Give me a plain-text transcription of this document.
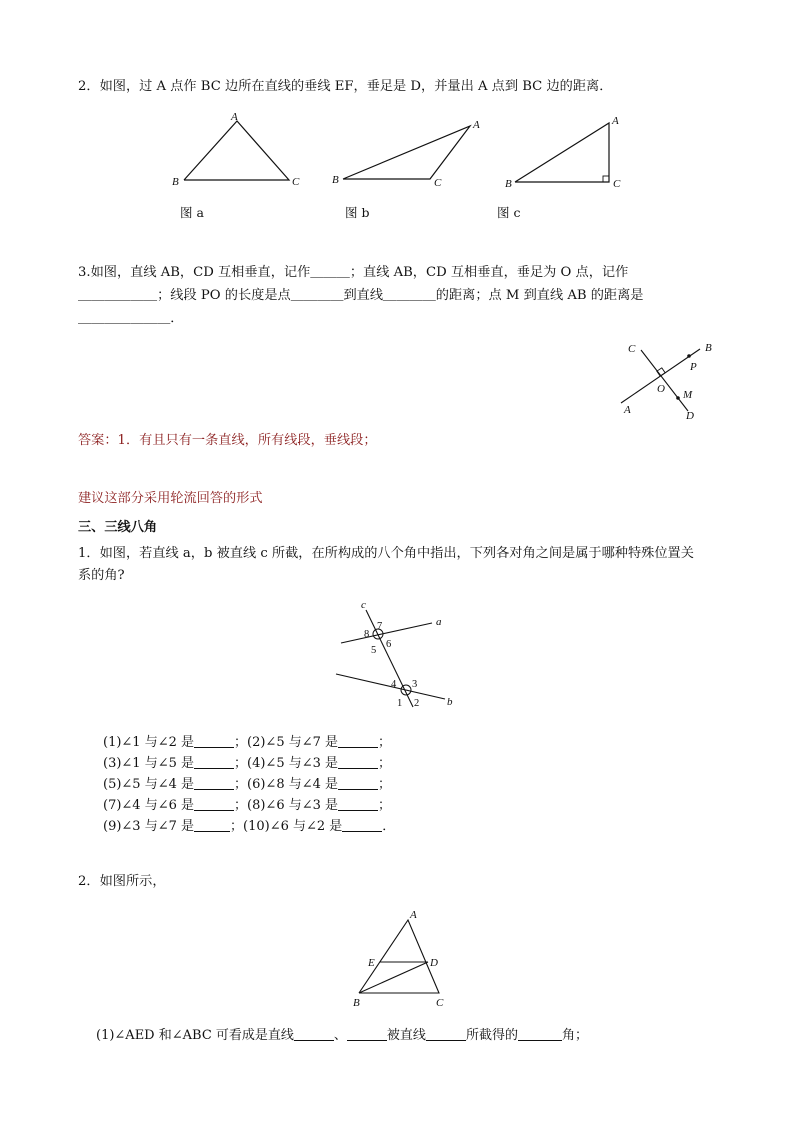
2．如图，过 A 点作 BC 边所在直线的垂线 EF，垂足是 D，并量出 A 点到 BC 边的距离．
A
B	C
A
B	C
A
B	C
图 a	图 b	图 c
3.如图，直线 AB，CD 互相垂直，记作＿＿＿；直线 AB，CD 互相垂直，垂足为 O 点，记作
＿＿＿＿＿＿；线段 PO 的长度是点＿＿＿＿到直线＿＿＿＿的距离；点 M 到直线 AB 的距离是
＿＿＿＿＿＿＿．
C	B
P
O M
A	D
答案：1．有且只有一条直线，所有线段，垂线段；
建议这部分采用轮流回答的形式
三、三线八角
1．如图，若直线 a，b 被直线 c 所截，在所构成的八个角中指出，下列各对角之间是属于哪种特殊位置关
系的角?
c
a
b
7
8
5
6
4 3
1 2
(1)∠1 与∠2 是	；(2)∠5 与∠7 是	；
(3)∠1 与∠5 是	；(4)∠5 与∠3 是	；
(5)∠5 与∠4 是	；(6)∠8 与∠4 是	；
(7)∠4 与∠6 是	；(8)∠6 与∠3 是	；
(9)∠3 与∠7 是	；(10)∠6 与∠2 是	．
2．如图所示，
A
E	D
B	C
(1)∠AED 和∠ABC 可看成是直线	、	被直线	所截得的	角；
